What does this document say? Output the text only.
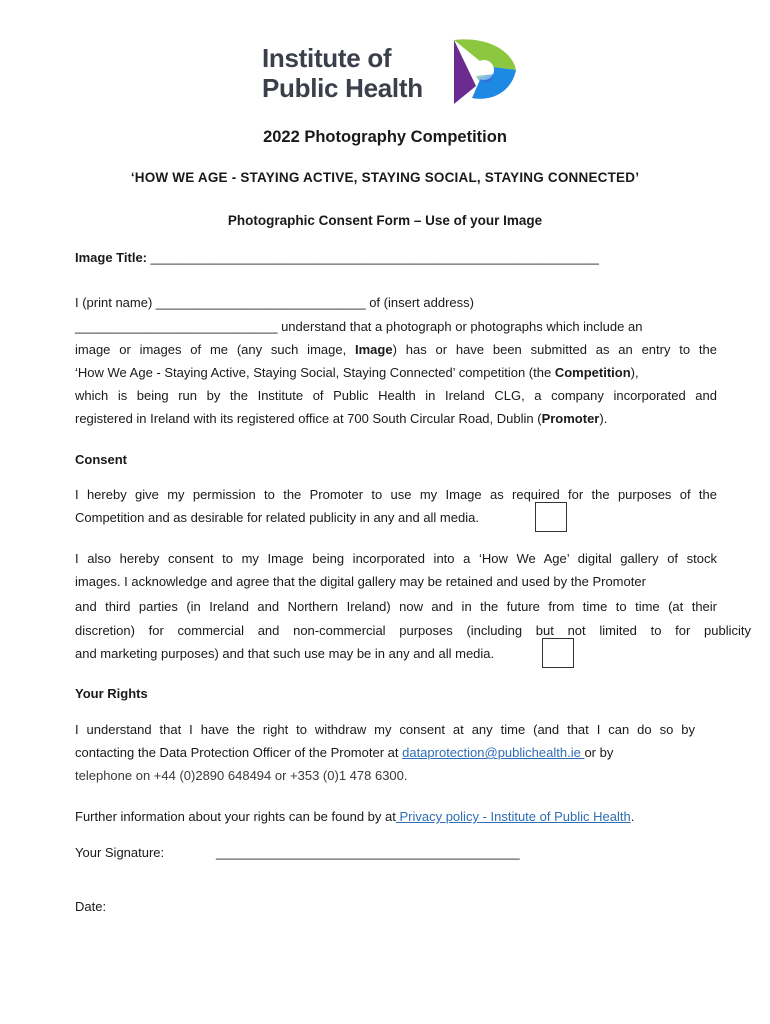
Institute of
Public Health
2022 Photography Competition
‘HOW WE AGE - STAYING ACTIVE, STAYING SOCIAL, STAYING CONNECTED’
Photographic Consent Form – Use of your Image
Image Title: ______________________________________________________________
I (print name) _____________________________ of (insert address)
____________________________ understand that a photograph or photographs which include an
image or images of me (any such image, Image) has or have been submitted as an entry to the
‘How We Age - Staying Active, Staying Social, Staying Connected’ competition (the Competition),
which is being run by the Institute of Public Health in Ireland CLG, a company incorporated and
registered in Ireland with its registered office at 700 South Circular Road, Dublin (Promoter).
Consent
I hereby give my permission to the Promoter to use my Image as required for the purposes of the
Competition and as desirable for related publicity in any and all media.
I also hereby consent to my Image being incorporated into a ‘How We Age’ digital gallery of stock
images. I acknowledge and agree that the digital gallery may be retained and used by the Promoter
and third parties (in Ireland and Northern Ireland) now and in the future from time to time (at their
discretion) for commercial and non-commercial purposes (including but not limited to for publicity
and marketing purposes) and that such use may be in any and all media.
Your Rights
I understand that I have the right to withdraw my consent at any time (and that I can do so by
contacting the Data Protection Officer of the Promoter at dataprotection@publichealth.ie or by
telephone on +44 (0)2890 648494 or +353 (0)1 478 6300.
Further information about your rights can be found by at Privacy policy - Institute of Public Health.
Your Signature:	__________________________________________
Date:
